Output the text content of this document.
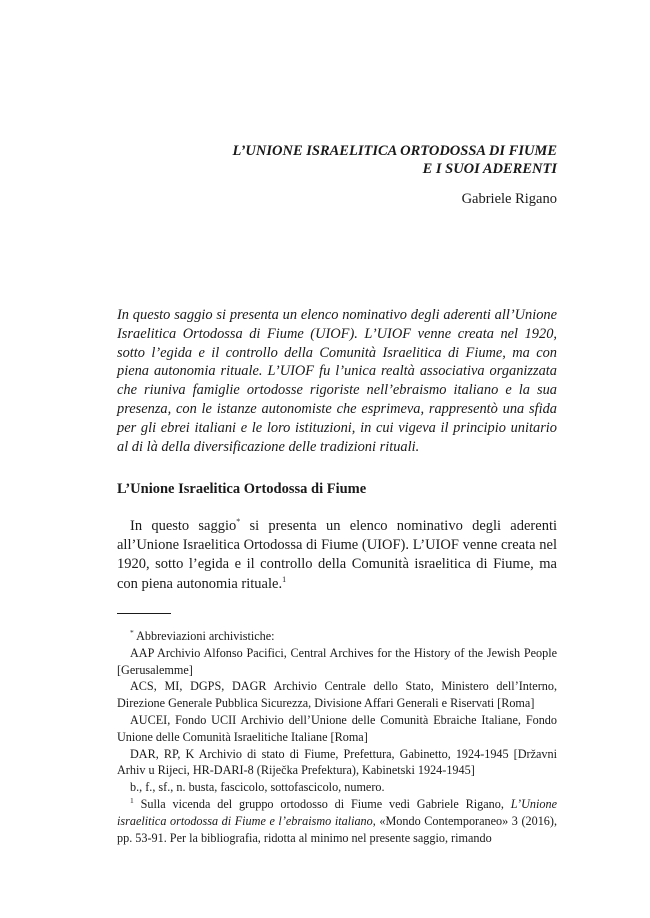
L’UNIONE ISRAELITICA ORTODOSSA DI FIUME
E I SUOI ADERENTI
Gabriele Rigano

In questo saggio si presenta un elenco nominativo degli aderenti all’Unione Israelitica Ortodossa di Fiume (UIOF). L’UIOF venne creata nel 1920, sotto l’egida e il controllo della Comunità Israelitica di Fiume, ma con piena autonomia rituale. L’UIOF fu l’unica realtà associativa organizzata che riuniva famiglie ortodosse rigoriste nell’ebraismo italiano e la sua presenza, con le istanze autonomiste che esprimeva, rappresentò una sfida per gli ebrei italiani e le loro istituzioni, in cui vigeva il principio unitario al di là della diversificazione delle tradizioni rituali.

L’Unione Israelitica Ortodossa di Fiume

In questo saggio* si presenta un elenco nominativo degli aderenti all’Unione Israelitica Ortodossa di Fiume (UIOF). L’UIOF venne creata nel 1920, sotto l’egida e il controllo della Comunità israelitica di Fiume, ma con piena autonomia rituale.$^1$

* Abbreviazioni archivistiche:

AAP Archivio Alfonso Pacifici, Central Archives for the History of the Jewish People [Gerusalemme]

ACS, MI, DGPS, DAGR Archivio Centrale dello Stato, Ministero dell’Interno, Direzione Generale Pubblica Sicurezza, Divisione Affari Generali e Riservati [Roma]

AUCEI, Fondo UCII Archivio dell’Unione delle Comunità Ebraiche Italiane, Fondo Unione delle Comunità Israelitiche Italiane [Roma]

DAR, RP, K Archivio di stato di Fiume, Prefettura, Gabinetto, 1924-1945 [Državni Arhiv u Rijeci, HR-DARI-8 (Riječka Prefektura), Kabinetski 1924-1945]

b., f., sf., n. busta, fascicolo, sottofascicolo, numero.

$^1$ Sulla vicenda del gruppo ortodosso di Fiume vedi Gabriele Rigano, L’Unione israelitica ortodossa di Fiume e l’ebraismo italiano, «Mondo Contemporaneo» 3 (2016), pp. 53-91. Per la bibliografia, ridotta al minimo nel presente saggio, rimando
